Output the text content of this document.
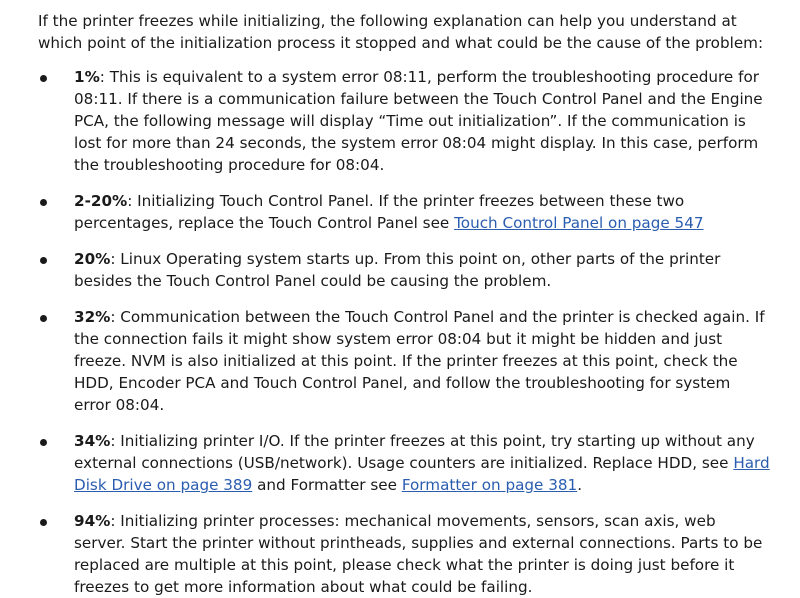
If the printer freezes while initializing, the following explanation can help you understand at which point of the initialization process it stopped and what could be the cause of the problem:

1%: This is equivalent to a system error 08:11, perform the troubleshooting procedure for 08:11. If there is a communication failure between the Touch Control Panel and the Engine PCA, the following message will display “Time out initialization”. If the communication is lost for more than 24 seconds, the system error 08:04 might display. In this case, perform the troubleshooting procedure for 08:04.
2-20%: Initializing Touch Control Panel. If the printer freezes between these two percentages, replace the Touch Control Panel see Touch Control Panel on page 547
20%: Linux Operating system starts up. From this point on, other parts of the printer besides the Touch Control Panel could be causing the problem.
32%: Communication between the Touch Control Panel and the printer is checked again. If the connection fails it might show system error 08:04 but it might be hidden and just freeze. NVM is also initialized at this point. If the printer freezes at this point, check the HDD, Encoder PCA and Touch Control Panel, and follow the troubleshooting for system error 08:04.
34%: Initializing printer I/O. If the printer freezes at this point, try starting up without any external connections (USB/network). Usage counters are initialized. Replace HDD, see Hard Disk Drive on page 389 and Formatter see Formatter on page 381.
94%: Initializing printer processes: mechanical movements, sensors, scan axis, web server. Start the printer without printheads, supplies and external connections. Parts to be replaced are multiple at this point, please check what the printer is doing just before it freezes to get more information about what could be failing.
